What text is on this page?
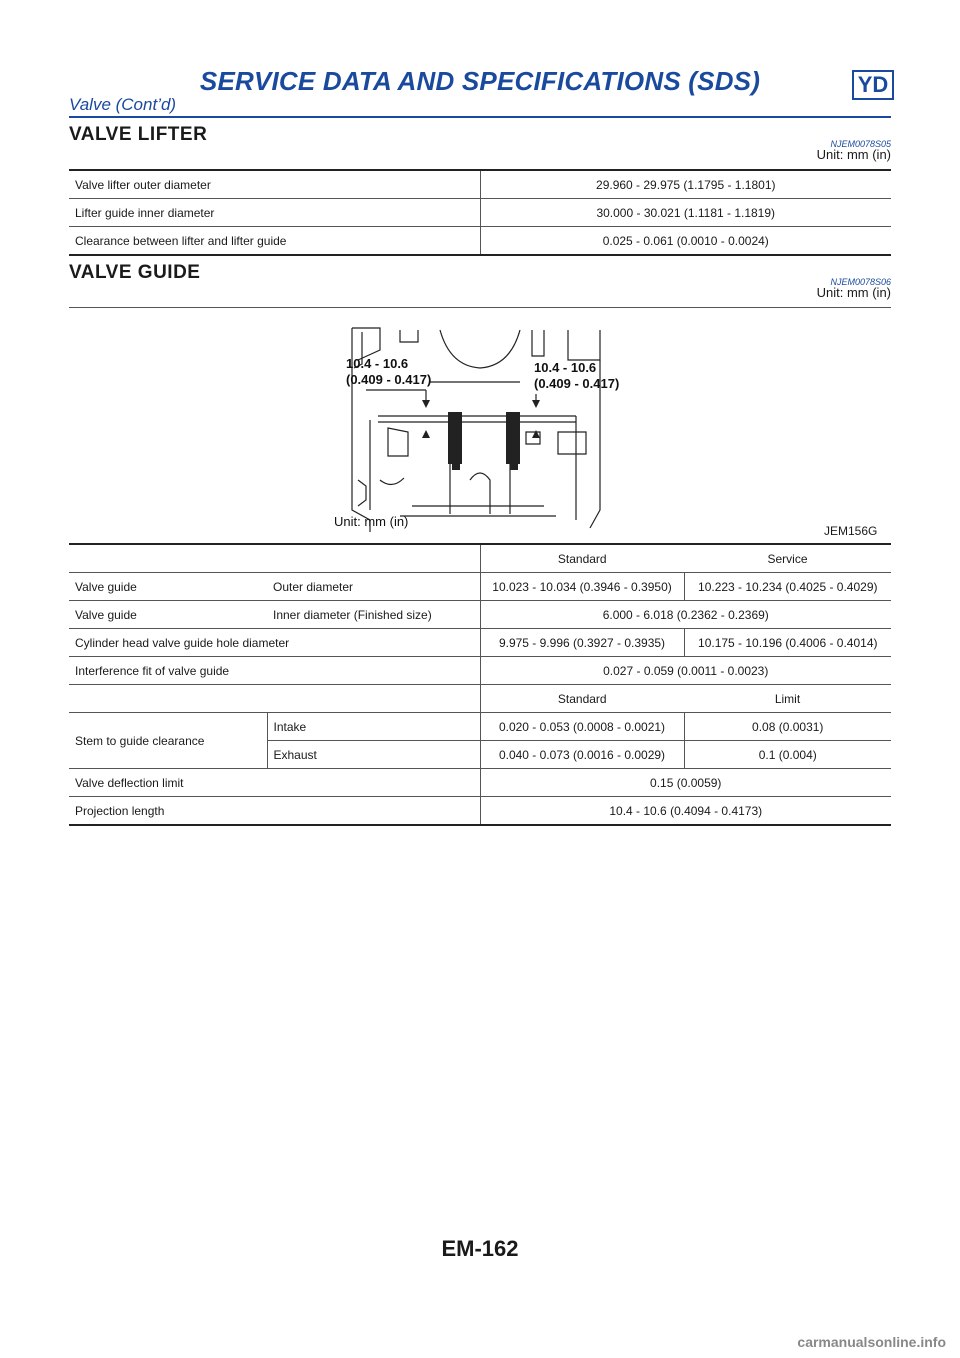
SERVICE DATA AND SPECIFICATIONS (SDS)	YD
Valve (Cont’d)
VALVE LIFTER	NJEM0078S05
Unit: mm (in)
Valve lifter outer diameter	29.960 - 29.975 (1.1795 - 1.1801)
Lifter guide inner diameter	30.000 - 30.021 (1.1181 - 1.1819)
Clearance between lifter and lifter guide	0.025 - 0.061 (0.0010 - 0.0024)
VALVE GUIDE	NJEM0078S06
Unit: mm (in)
10.4 - 10.6
(0.409 - 0.417)
10.4 - 10.6
(0.409 - 0.417)
Unit: mm (in)
JEM156G
		Standard	Service
Valve guide	Outer diameter	10.023 - 10.034 (0.3946 - 0.3950)	10.223 - 10.234 (0.4025 - 0.4029)
Valve guide	Inner diameter (Finished size)	6.000 - 6.018 (0.2362 - 0.2369)	
Cylinder head valve guide hole diameter		9.975 - 9.996 (0.3927 - 0.3935)	10.175 - 10.196 (0.4006 - 0.4014)
Interference fit of valve guide		0.027 - 0.059 (0.0011 - 0.0023)	
		Standard	Limit
Stem to guide clearance	Intake	0.020 - 0.053 (0.0008 - 0.0021)	0.08 (0.0031)
	Exhaust	0.040 - 0.073 (0.0016 - 0.0029)	0.1 (0.004)
Valve deflection limit		0.15 (0.0059)	
Projection length		10.4 - 10.6 (0.4094 - 0.4173)	
EM-162
carmanualsonline.info
